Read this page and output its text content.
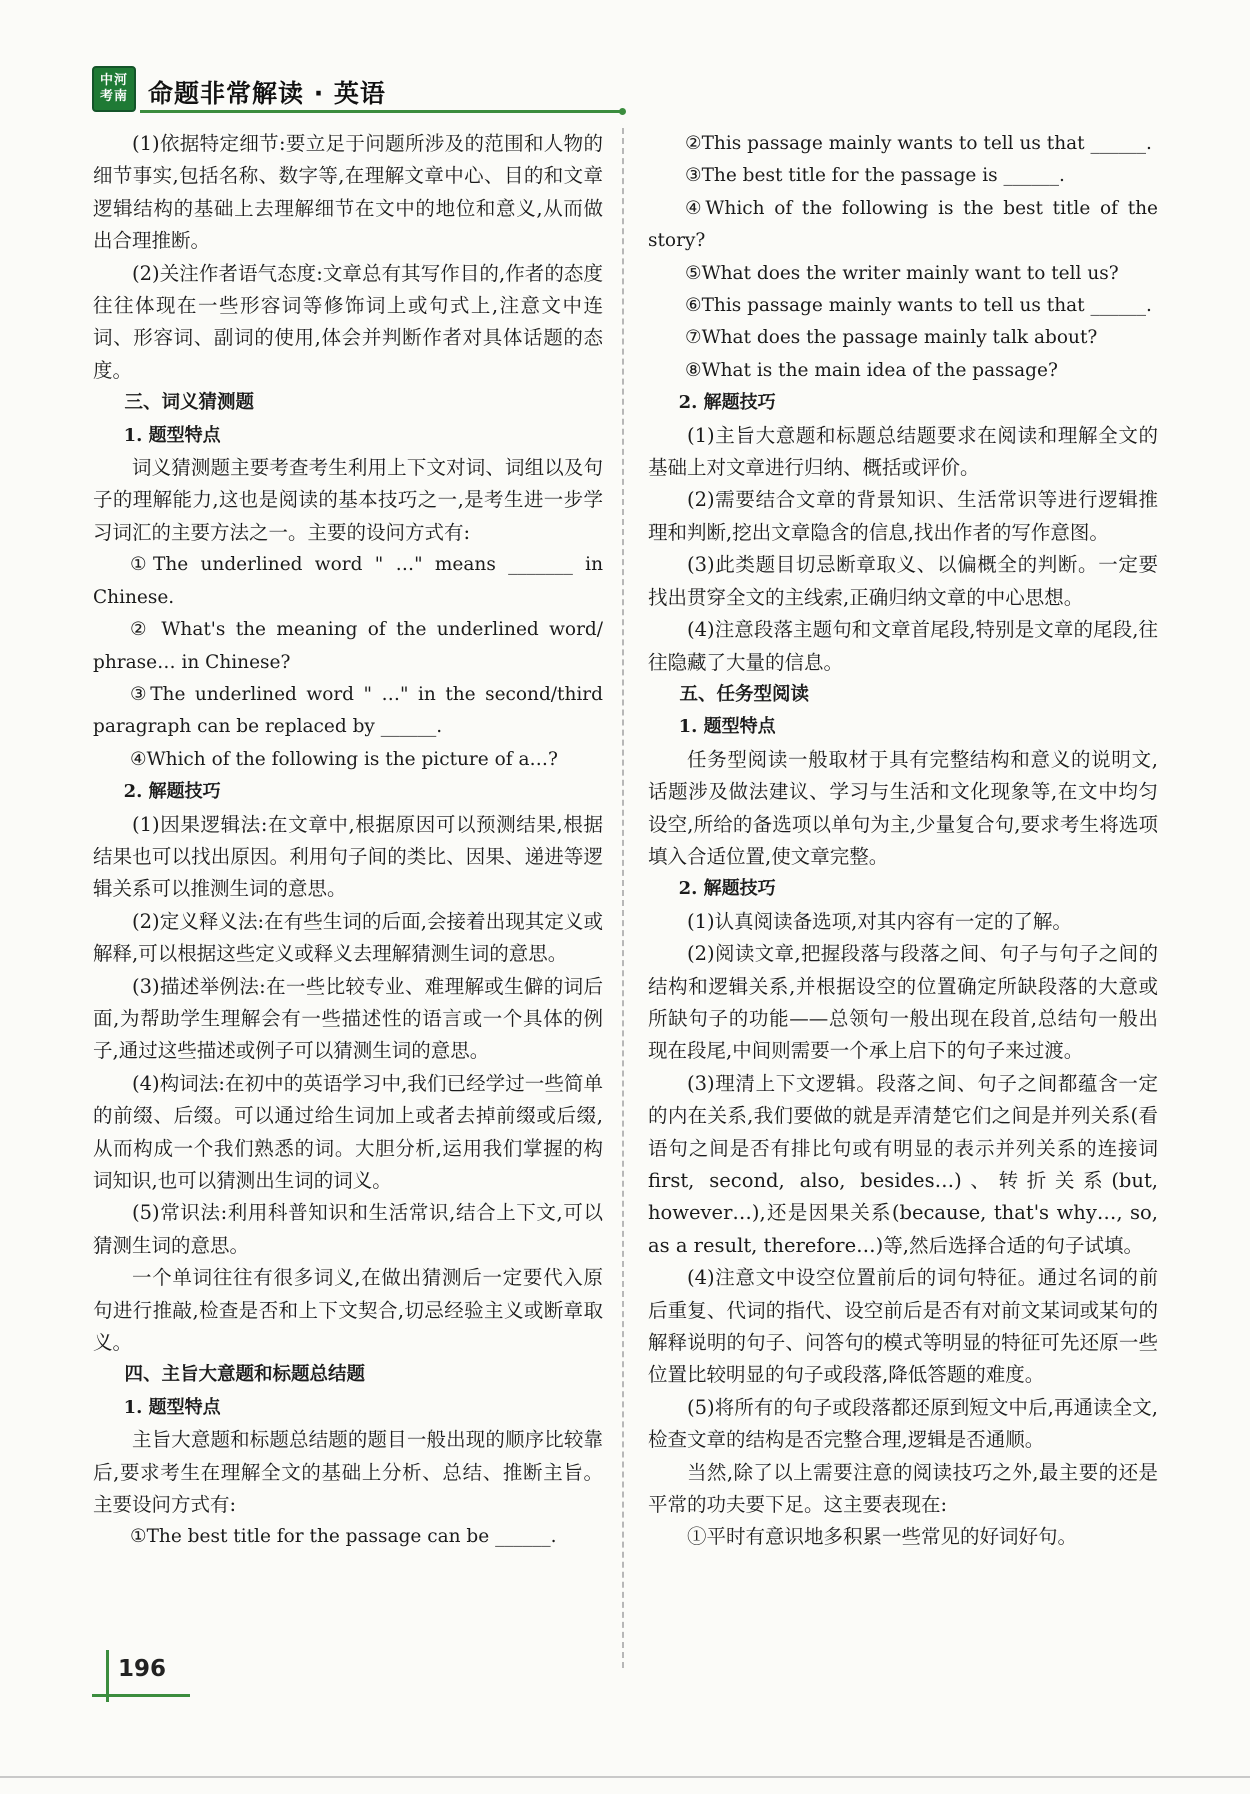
中河
考南 命题非常解读 · 英语

(1)依据特定细节:要立足于问题所涉及的范围和人物的细节事实,包括名称、数字等,在理解文章中心、目的和文章逻辑结构的基础上去理解细节在文中的地位和意义,从而做出合理推断。

(2)关注作者语气态度:文章总有其写作目的,作者的态度往往体现在一些形容词等修饰词上或句式上,注意文中连词、形容词、副词的使用,体会并判断作者对具体话题的态度。

三、词义猜测题

1. 题型特点

词义猜测题主要考查考生利用上下文对词、词组以及句子的理解能力,这也是阅读的基本技巧之一,是考生进一步学习词汇的主要方法之一。主要的设问方式有:

①The underlined word " …" means _______ in Chinese.

② What's the meaning of the underlined word/ phrase… in Chinese?

③The underlined word " …" in the second/third paragraph can be replaced by ______.

④Which of the following is the picture of a…?

2. 解题技巧

(1)因果逻辑法:在文章中,根据原因可以预测结果,根据结果也可以找出原因。利用句子间的类比、因果、递进等逻辑关系可以推测生词的意思。

(2)定义释义法:在有些生词的后面,会接着出现其定义或解释,可以根据这些定义或释义去理解猜测生词的意思。

(3)描述举例法:在一些比较专业、难理解或生僻的词后面,为帮助学生理解会有一些描述性的语言或一个具体的例子,通过这些描述或例子可以猜测生词的意思。

(4)构词法:在初中的英语学习中,我们已经学过一些简单的前缀、后缀。可以通过给生词加上或者去掉前缀或后缀,从而构成一个我们熟悉的词。大胆分析,运用我们掌握的构词知识,也可以猜测出生词的词义。

(5)常识法:利用科普知识和生活常识,结合上下文,可以猜测生词的意思。

一个单词往往有很多词义,在做出猜测后一定要代入原句进行推敲,检查是否和上下文契合,切忌经验主义或断章取义。

四、主旨大意题和标题总结题

1. 题型特点

主旨大意题和标题总结题的题目一般出现的顺序比较靠后,要求考生在理解全文的基础上分析、总结、推断主旨。主要设问方式有:

①The best title for the passage can be ______.

②This passage mainly wants to tell us that ______.

③The best title for the passage is ______.

④Which of the following is the best title of the story?

⑤What does the writer mainly want to tell us?

⑥This passage mainly wants to tell us that ______.

⑦What does the passage mainly talk about?

⑧What is the main idea of the passage?

2. 解题技巧

(1)主旨大意题和标题总结题要求在阅读和理解全文的基础上对文章进行归纳、概括或评价。

(2)需要结合文章的背景知识、生活常识等进行逻辑推理和判断,挖出文章隐含的信息,找出作者的写作意图。

(3)此类题目切忌断章取义、以偏概全的判断。一定要找出贯穿全文的主线索,正确归纳文章的中心思想。

(4)注意段落主题句和文章首尾段,特别是文章的尾段,往往隐藏了大量的信息。

五、任务型阅读

1. 题型特点

任务型阅读一般取材于具有完整结构和意义的说明文,话题涉及做法建议、学习与生活和文化现象等,在文中均匀设空,所给的备选项以单句为主,少量复合句,要求考生将选项填入合适位置,使文章完整。

2. 解题技巧

(1)认真阅读备选项,对其内容有一定的了解。

(2)阅读文章,把握段落与段落之间、句子与句子之间的结构和逻辑关系,并根据设空的位置确定所缺段落的大意或所缺句子的功能——总领句一般出现在段首,总结句一般出现在段尾,中间则需要一个承上启下的句子来过渡。

(3)理清上下文逻辑。段落之间、句子之间都蕴含一定的内在关系,我们要做的就是弄清楚它们之间是并列关系(看语句之间是否有排比句或有明显的表示并列关系的连接词 first, second, also, besides…)、转折关系(but, however…),还是因果关系(because, that's why…, so, as a result, therefore…)等,然后选择合适的句子试填。

(4)注意文中设空位置前后的词句特征。通过名词的前后重复、代词的指代、设空前后是否有对前文某词或某句的解释说明的句子、问答句的模式等明显的特征可先还原一些位置比较明显的句子或段落,降低答题的难度。

(5)将所有的句子或段落都还原到短文中后,再通读全文,检查文章的结构是否完整合理,逻辑是否通顺。

当然,除了以上需要注意的阅读技巧之外,最主要的还是平常的功夫要下足。这主要表现在:

①平时有意识地多积累一些常见的好词好句。

196
